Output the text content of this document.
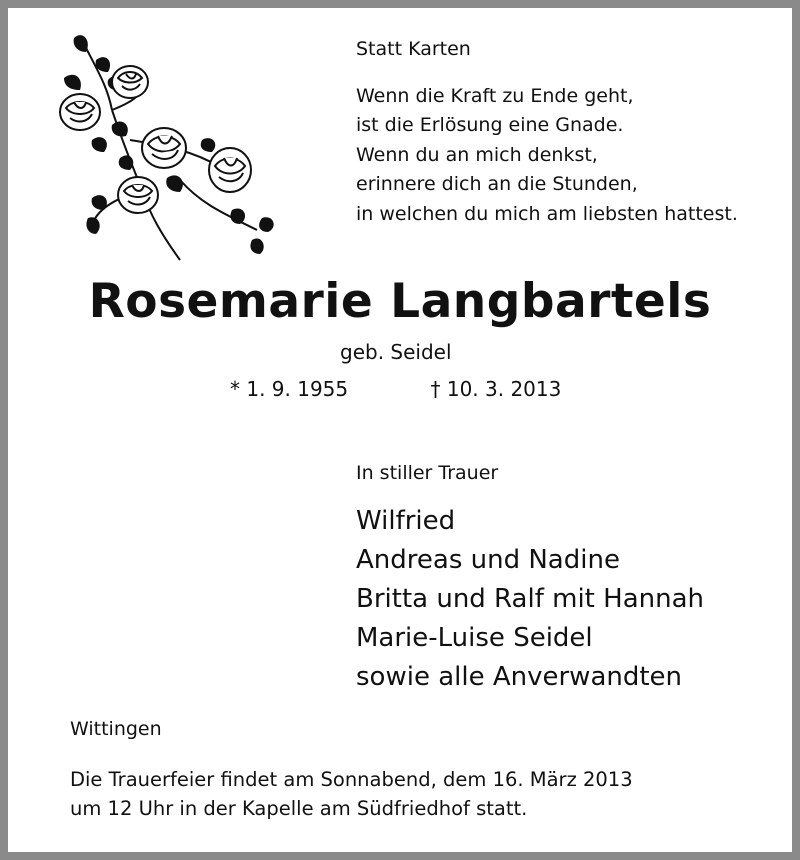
Statt Karten
Wenn die Kraft zu Ende geht,
ist die Erlösung eine Gnade.
Wenn du an mich denkst,
erinnere dich an die Stunden,
in welchen du mich am liebsten hattest.
Rosemarie Langbartels
geb. Seidel
* 1. 9. 1955	† 10. 3. 2013
In stiller Trauer
Wilfried
Andreas und Nadine
Britta und Ralf mit Hannah
Marie-Luise Seidel
sowie alle Anverwandten
Wittingen
Die Trauerfeier findet am Sonnabend, dem 16. März 2013
um 12 Uhr in der Kapelle am Südfriedhof statt.
